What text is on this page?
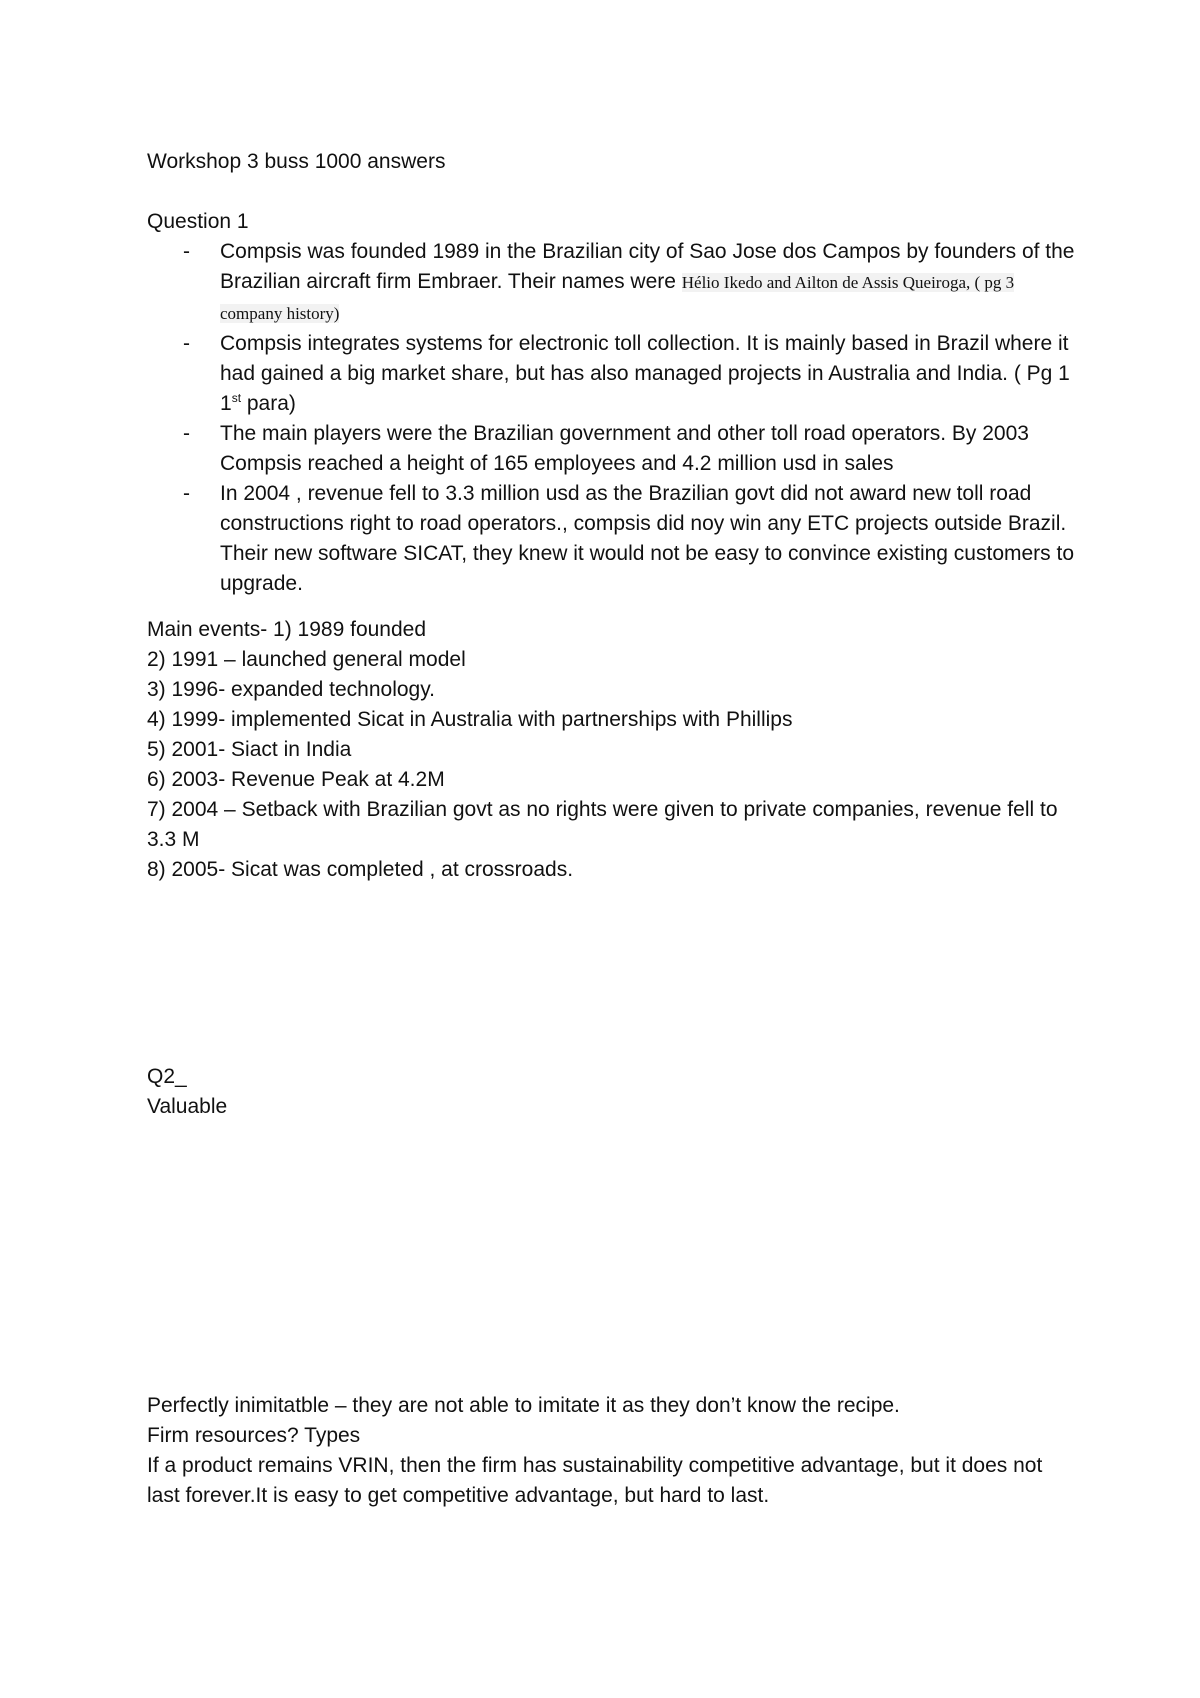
Workshop 3 buss 1000 answers
Question 1
- Compsis was founded 1989 in the Brazilian city of Sao Jose dos Campos by founders of the Brazilian aircraft firm Embraer. Their names were Hélio Ikedo and Ailton de Assis Queiroga, ( pg 3 company history)
- Compsis integrates systems for electronic toll collection. It is mainly based in Brazil where it had gained a big market share, but has also managed projects in Australia and India. ( Pg 1 1st para)
- The main players were the Brazilian government and other toll road operators. By 2003 Compsis reached a height of 165 employees and 4.2 million usd in sales
- In 2004 , revenue fell to 3.3 million usd as the Brazilian govt did not award new toll road constructions right to road operators., compsis did noy win any ETC projects outside Brazil. Their new software SICAT, they knew it would not be easy to convince existing customers to upgrade.
Main events- 1) 1989 founded
2) 1991 – launched general model
3) 1996- expanded technology.
4) 1999- implemented Sicat in Australia with partnerships with Phillips
5) 2001- Siact in India
6) 2003- Revenue Peak at 4.2M
7) 2004 – Setback with Brazilian govt as no rights were given to private companies, revenue fell to 3.3 M
8) 2005- Sicat was completed , at crossroads.
Q2_
Valuable
Perfectly inimitatble – they are not able to imitate it as they don’t know the recipe.
Firm resources? Types
If a product remains VRIN, then the firm has sustainability competitive advantage, but it does not last forever.It is easy to get competitive advantage, but hard to last.
